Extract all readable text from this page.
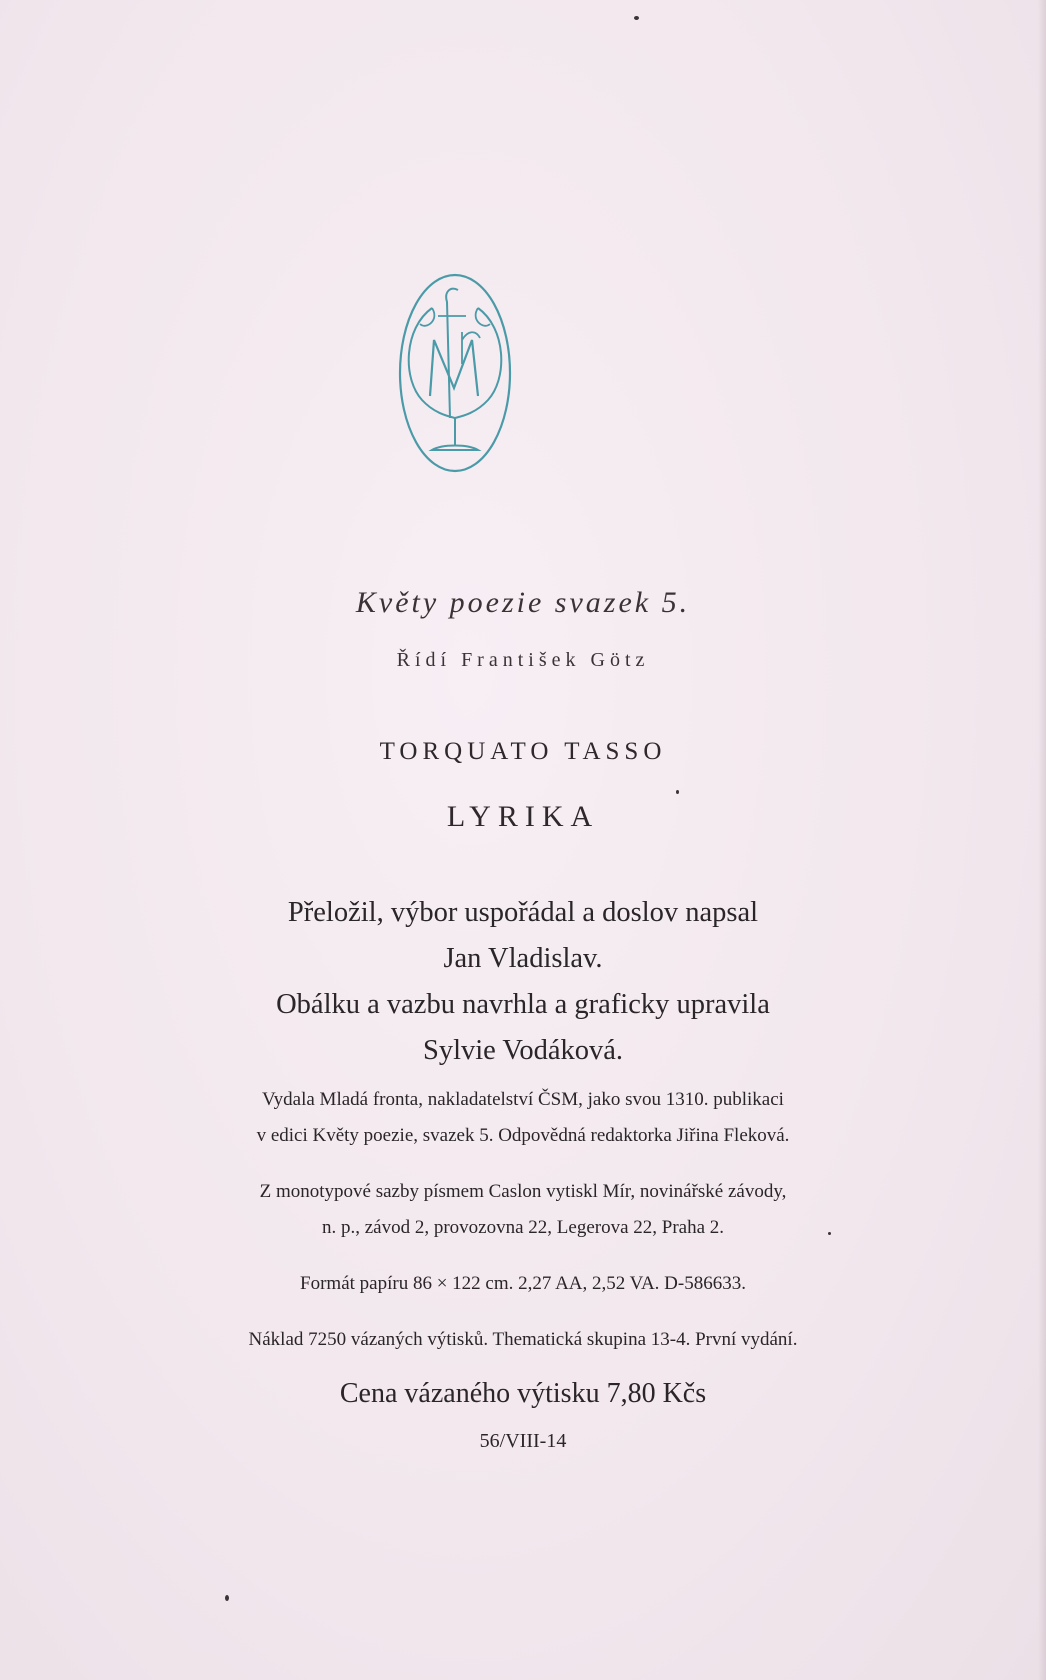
Květy poezie svazek 5.
Řídí František Götz
TORQUATO TASSO
LYRIKA
Přeložil, výbor uspořádal a doslov napsal
Jan Vladislav.
Obálku a vazbu navrhla a graficky upravila
Sylvie Vodáková.
Vydala Mladá fronta, nakladatelství ČSM, jako svou 1310. publikaci
v edici Květy poezie, svazek 5. Odpovědná redaktorka Jiřina Fleková.
Z monotypové sazby písmem Caslon vytiskl Mír, novinářské závody,
n. p., závod 2, provozovna 22, Legerova 22, Praha 2.
Formát papíru 86 × 122 cm. 2,27 AA, 2,52 VA. D-586633.
Náklad 7250 vázaných výtisků. Thematická skupina 13-4. První vydání.
Cena vázaného výtisku 7,80 Kčs
56/VIII-14
